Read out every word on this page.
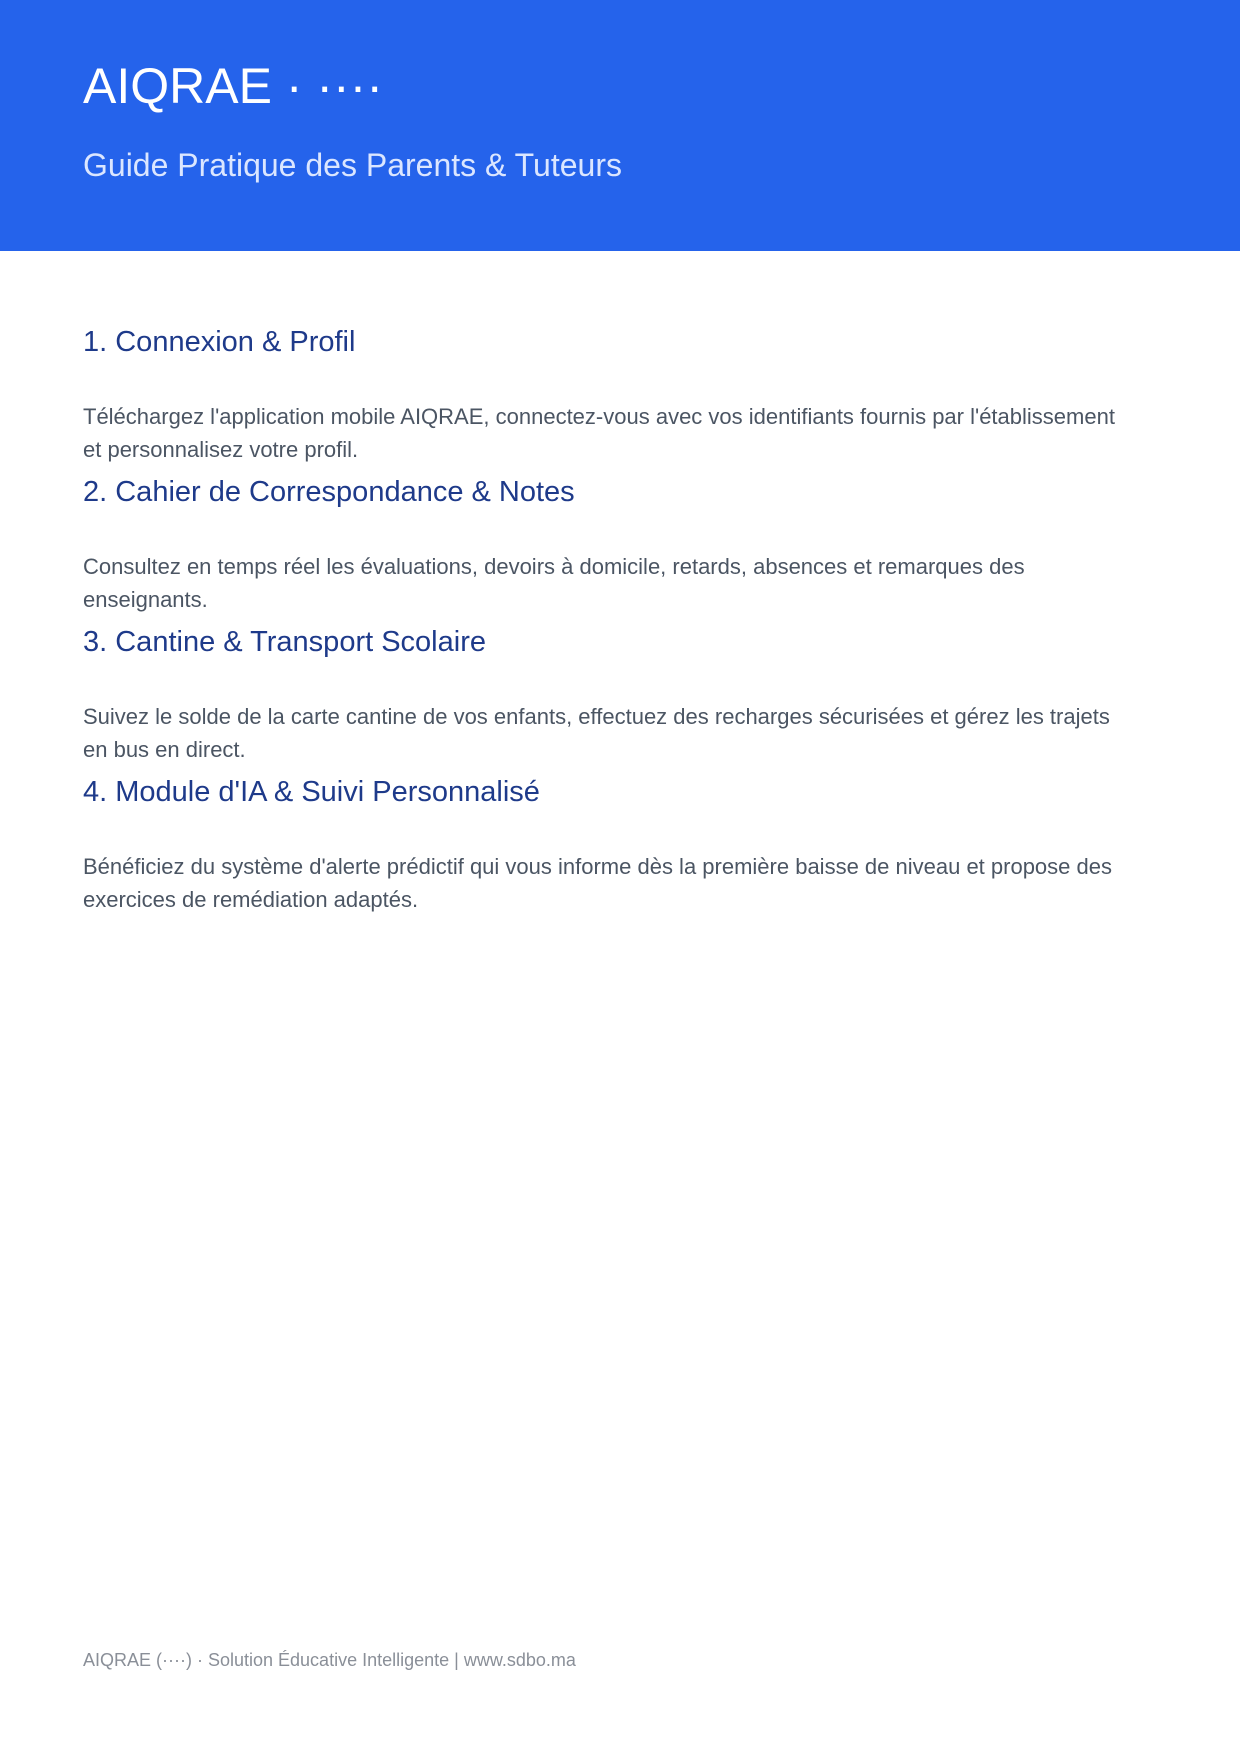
AIQRAE · ····
Guide Pratique des Parents & Tuteurs
1. Connexion & Profil

Téléchargez l'application mobile AIQRAE, connectez-vous avec vos identifiants fournis par l'établissement et personnalisez votre profil.

2. Cahier de Correspondance & Notes

Consultez en temps réel les évaluations, devoirs à domicile, retards, absences et remarques des enseignants.

3. Cantine & Transport Scolaire

Suivez le solde de la carte cantine de vos enfants, effectuez des recharges sécurisées et gérez les trajets en bus en direct.

4. Module d'IA & Suivi Personnalisé

Bénéficiez du système d'alerte prédictif qui vous informe dès la première baisse de niveau et propose des exercices de remédiation adaptés.

AIQRAE (····) · Solution Éducative Intelligente | www.sdbo.ma
